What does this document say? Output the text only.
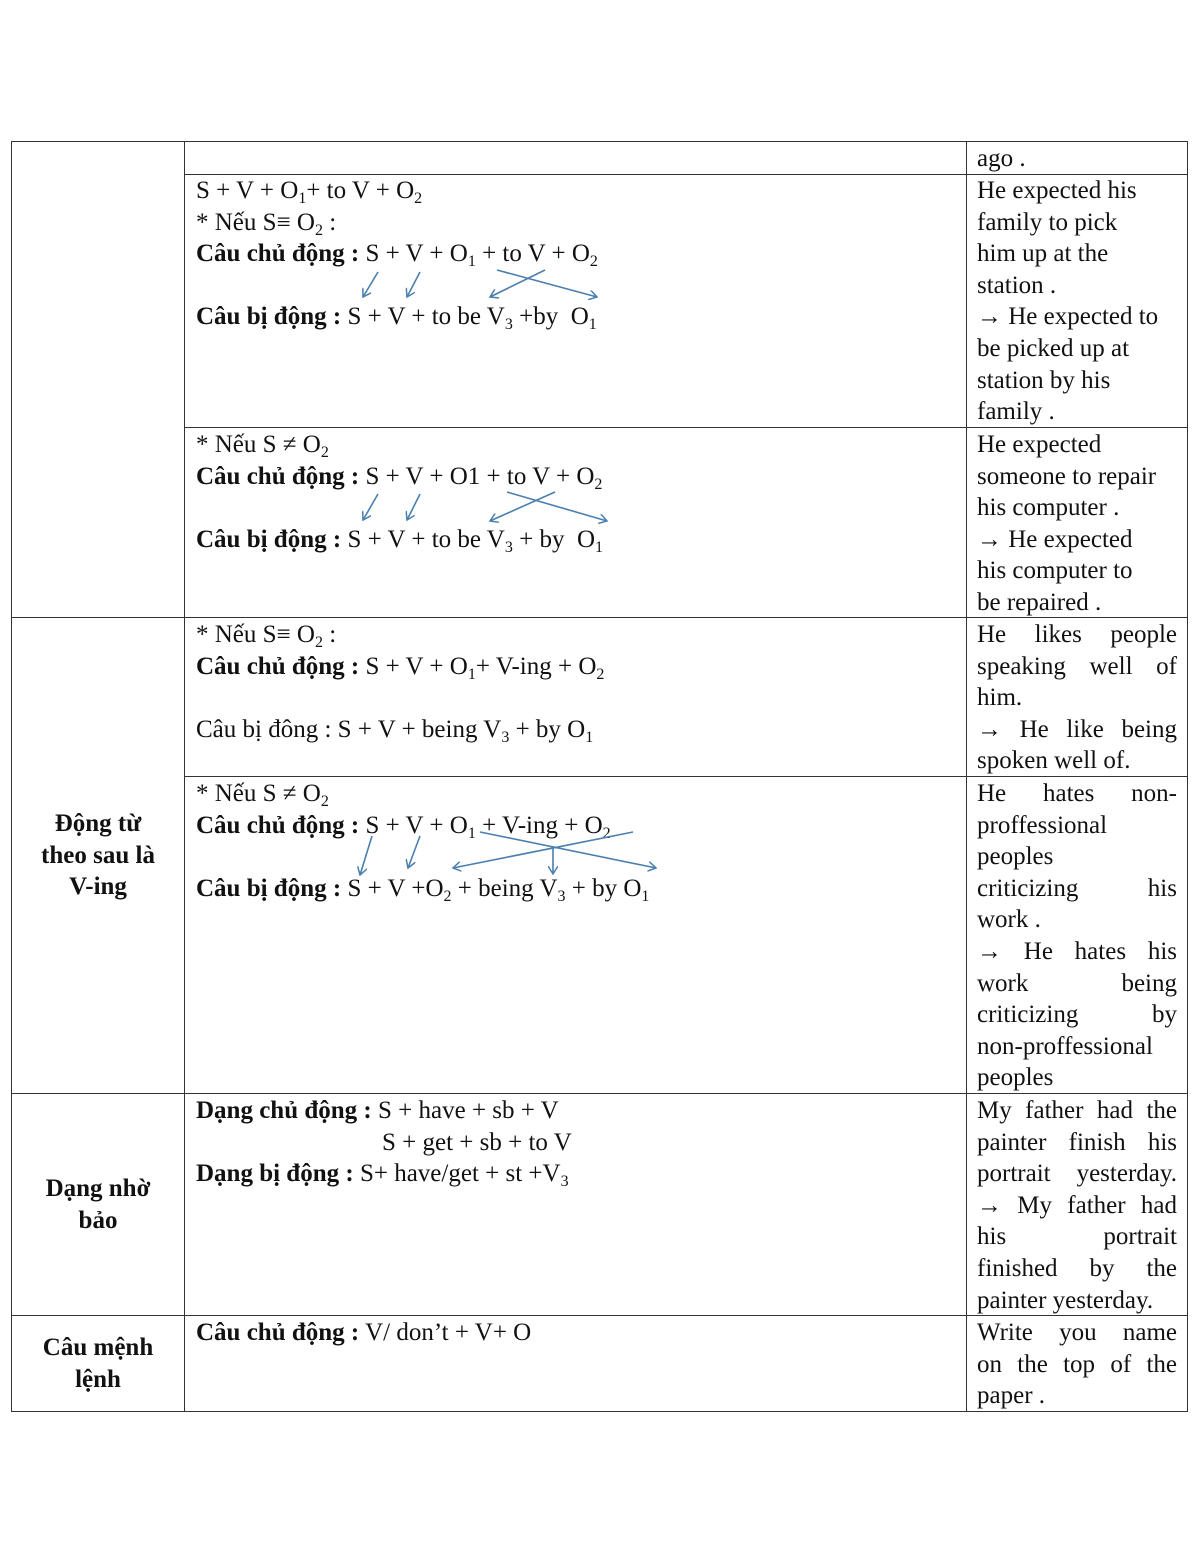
Động từ theo sau là V-ing
Dạng nhờ bảo
Câu mệnh lệnh
ago .
$S + V + O_1+$ to $V + O_2$
* Nếu $S\equiv O_2$ :
Câu chủ động : $S + V + O_1$ + to $V + O_2$
Câu bị động : S + V + to be $V_3 +by$  $O_1$
He expected his
family to pick
him up at the
station .
→ He expected to
be picked up at
station by his
family .
* Nếu $S \ne O_2$
Câu chủ động : S + V + O1 + to $V + O_2$
Câu bị động : S + V + to be $V_3$ + by  $O_1$
He expected
someone to repair
his computer .
→ He expected
his computer to
be repaired .
* Nếu $S\equiv O_2$ :
Câu chủ động : $S + V + O_1+ V-ing + O_2$
Câu bị đông : S + V + being $V_3$ + by $O_1$
He likes people
speaking well of
him.
→ He like being
spoken well of.
* Nếu $S \ne O_2$
Câu chủ động : $S + V + O_1 + V-ing + O_2$
Câu bị động : $S + V +O_2$ + being $V_3$ + by $O_1$
He hates non-
proffessional
peoples
criticizing his
work .
→ He hates his
work being
criticizing by
non-proffessional
peoples
Dạng chủ động : S + have + sb + V
S + get + sb + to V
Dạng bị động : S+ have/get + st $+V_3$
My father had the
painter finish his
portrait yesterday.
→ My father had
his portrait
finished by the
painter yesterday.
Câu chủ động : V/ don’t + V+ O	Write you name
on the top of the
paper .
